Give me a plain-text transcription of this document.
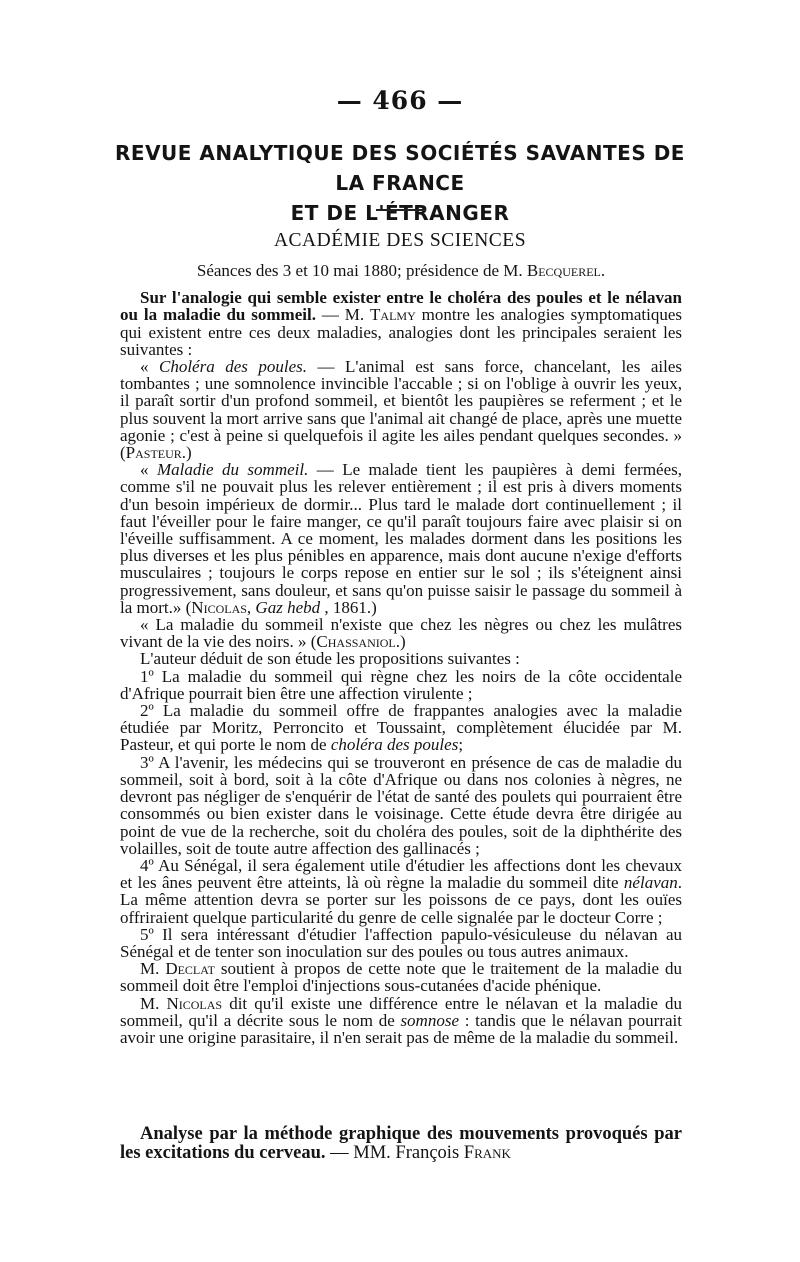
— 466 —
REVUE ANALYTIQUE DES SOCIÉTÉS SAVANTES DE LA FRANCE
ET DE L'ÉTRANGER
ACADÉMIE DES SCIENCES

Séances des 3 et 10 mai 1880; présidence de M. Becquerel.

Sur l'analogie qui semble exister entre le choléra des poules et le nélavan ou la maladie du sommeil. — M. Talmy montre les analogies symptomatiques qui existent entre ces deux maladies, analogies dont les principales seraient les suivantes :

« Choléra des poules. — L'animal est sans force, chancelant, les ailes tombantes ; une somnolence invincible l'accable ; si on l'oblige à ouvrir les yeux, il paraît sortir d'un profond sommeil, et bientôt les paupières se referment ; et le plus souvent la mort arrive sans que l'animal ait changé de place, après une muette agonie ; c'est à peine si quelquefois il agite les ailes pendant quelques secondes. » (Pasteur.)

« Maladie du sommeil. — Le malade tient les paupières à demi fermées, comme s'il ne pouvait plus les relever entièrement ; il est pris à divers moments d'un besoin impérieux de dormir... Plus tard le malade dort continuellement ; il faut l'éveiller pour le faire manger, ce qu'il paraît toujours faire avec plaisir si on l'éveille suffisamment. A ce moment, les malades dorment dans les positions les plus diverses et les plus pénibles en apparence, mais dont aucune n'exige d'efforts musculaires ; toujours le corps repose en entier sur le sol ; ils s'éteignent ainsi progressivement, sans douleur, et sans qu'on puisse saisir le passage du sommeil à la mort.» (Nicolas, Gaz hebd , 1861.)

« La maladie du sommeil n'existe que chez les nègres ou chez les mulâtres vivant de la vie des noirs. » (Chassaniol.)

L'auteur déduit de son étude les propositions suivantes :

1º La maladie du sommeil qui règne chez les noirs de la côte occidentale d'Afrique pourrait bien être une affection virulente ;

2º La maladie du sommeil offre de frappantes analogies avec la maladie étudiée par Moritz, Perroncito et Toussaint, complètement élucidée par M. Pasteur, et qui porte le nom de choléra des poules;

3º A l'avenir, les médecins qui se trouveront en présence de cas de maladie du sommeil, soit à bord, soit à la côte d'Afrique ou dans nos colonies à nègres, ne devront pas négliger de s'enquérir de l'état de santé des poulets qui pourraient être consommés ou bien exister dans le voisinage. Cette étude devra être dirigée au point de vue de la recherche, soit du choléra des poules, soit de la diphthérite des volailles, soit de toute autre affection des gallinacés ;

4º Au Sénégal, il sera également utile d'étudier les affections dont les chevaux et les ânes peuvent être atteints, là où règne la maladie du sommeil dite nélavan. La même attention devra se porter sur les poissons de ce pays, dont les ouïes offriraient quelque particularité du genre de celle signalée par le docteur Corre ;

5º Il sera intéressant d'étudier l'affection papulo-vésiculeuse du nélavan au Sénégal et de tenter son inoculation sur des poules ou tous autres animaux.

M. Declat soutient à propos de cette note que le traitement de la maladie du sommeil doit être l'emploi d'injections sous-cutanées d'acide phénique.

M. Nicolas dit qu'il existe une différence entre le nélavan et la maladie du sommeil, qu'il a décrite sous le nom de somnose : tandis que le nélavan pourrait avoir une origine parasitaire, il n'en serait pas de même de la maladie du sommeil.

Analyse par la méthode graphique des mouvements provoqués par les excitations du cerveau. — MM. François Frank
